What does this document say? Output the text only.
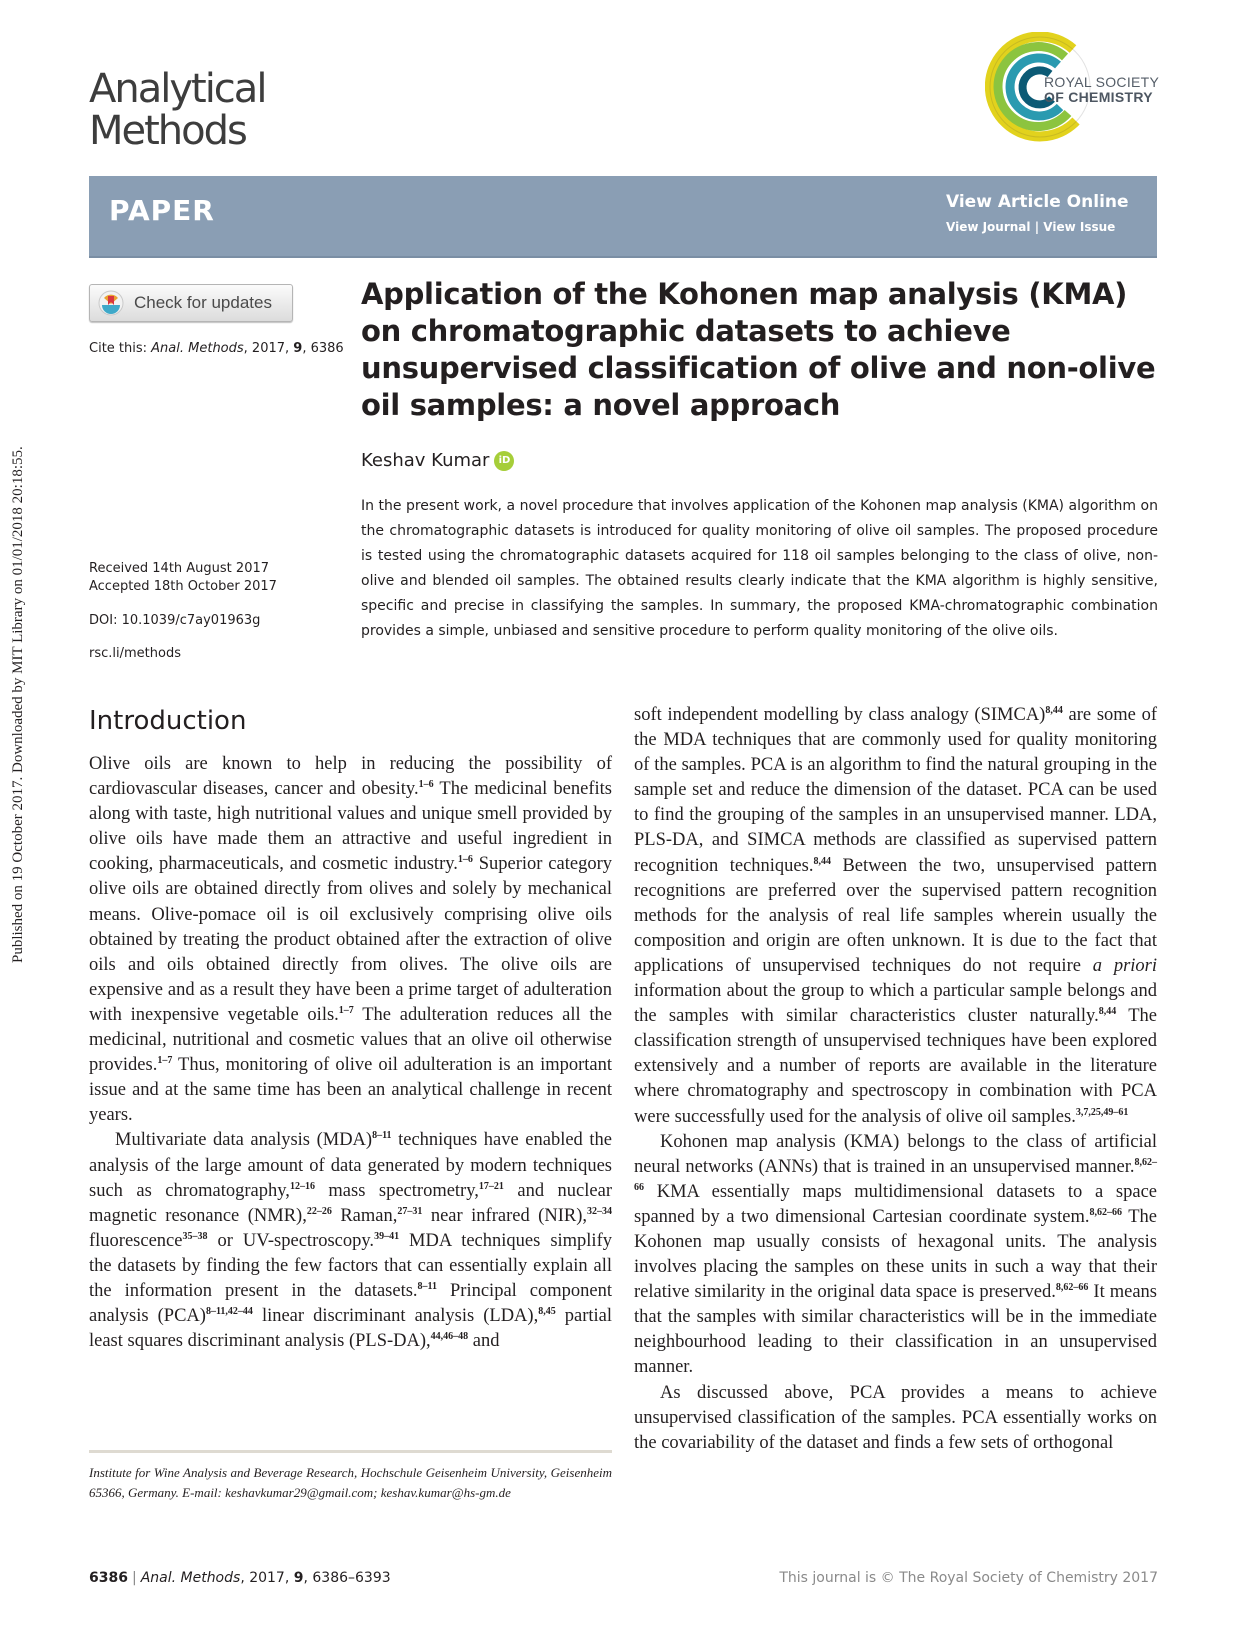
Published on 19 October 2017. Downloaded by MIT Library on 01/01/2018 20:18:55.
Analytical
Methods
ROYAL SOCIETY
OF CHEMISTRY
PAPER	View Article Online
View Journal | View Issue
Check for updates
Cite this: Anal. Methods, 2017, 9, 6386
Received 14th August 2017
Accepted 18th October 2017
DOI: 10.1039/c7ay01963g
rsc.li/methods
Application of the Kohonen map analysis (KMA) on chromatographic datasets to achieve unsupervised classification of olive and non-olive oil samples: a novel approach
Keshav Kumar iD
In the present work, a novel procedure that involves application of the Kohonen map analysis (KMA) algorithm on the chromatographic datasets is introduced for quality monitoring of olive oil samples. The proposed procedure is tested using the chromatographic datasets acquired for 118 oil samples belonging to the class of olive, non-olive and blended oil samples. The obtained results clearly indicate that the KMA algorithm is highly sensitive, specific and precise in classifying the samples. In summary, the proposed KMA-chromatographic combination provides a simple, unbiased and sensitive procedure to perform quality monitoring of the olive oils.
Introduction

Olive oils are known to help in reducing the possibility of cardiovascular diseases, cancer and obesity.$^{1-6}$ The medicinal benefits along with taste, high nutritional values and unique smell provided by olive oils have made them an attractive and useful ingredient in cooking, pharmaceuticals, and cosmetic industry.$^{1-6}$ Superior category olive oils are obtained directly from olives and solely by mechanical means. Olive-pomace oil is oil exclusively comprising olive oils obtained by treating the product obtained after the extraction of olive oils and oils obtained directly from olives. The olive oils are expensive and as a result they have been a prime target of adulteration with inexpensive vegetable oils.$^{1-7}$ The adulteration reduces all the medicinal, nutritional and cosmetic values that an olive oil otherwise provides.$^{1-7}$ Thus, monitoring of olive oil adulteration is an important issue and at the same time has been an analytical challenge in recent years.

Multivariate data analysis (MDA)$^{8-11}$ techniques have enabled the analysis of the large amount of data generated by modern techniques such as chromatography,$^{12-16}$ mass spectrometry,$^{17-21}$ and nuclear magnetic resonance (NMR),$^{22-26}$ Raman,$^{27-31}$ near infrared (NIR),$^{32-34}$ fluorescence$^{35-38}$ or UV-spectroscopy.$^{39-41}$ MDA techniques simplify the datasets by finding the few factors that can essentially explain all the information present in the datasets.$^{8-11}$ Principal component analysis (PCA)$^{8-11,42-44}$ linear discriminant analysis (LDA),$^{8,45}$ partial least squares discriminant analysis (PLS-DA),$^{44,46-48}$ and

soft independent modelling by class analogy (SIMCA)$^{8,44}$ are some of the MDA techniques that are commonly used for quality monitoring of the samples. PCA is an algorithm to find the natural grouping in the sample set and reduce the dimension of the dataset. PCA can be used to find the grouping of the samples in an unsupervised manner. LDA, PLS-DA, and SIMCA methods are classified as supervised pattern recognition techniques.$^{8,44}$ Between the two, unsupervised pattern recognitions are preferred over the supervised pattern recognition methods for the analysis of real life samples wherein usually the composition and origin are often unknown. It is due to the fact that applications of unsupervised techniques do not require a priori information about the group to which a particular sample belongs and the samples with similar characteristics cluster naturally.$^{8,44}$ The classification strength of unsupervised techniques have been explored extensively and a number of reports are available in the literature where chromatography and spectroscopy in combination with PCA were successfully used for the analysis of olive oil samples.$^{3,7,25,49-61}$

Kohonen map analysis (KMA) belongs to the class of artificial neural networks (ANNs) that is trained in an unsupervised manner.$^{8,62-66}$ KMA essentially maps multidimensional datasets to a space spanned by a two dimensional Cartesian coordinate system.$^{8,62-66}$ The Kohonen map usually consists of hexagonal units. The analysis involves placing the samples on these units in such a way that their relative similarity in the original data space is preserved.$^{8,62-66}$ It means that the samples with similar characteristics will be in the immediate neighbourhood leading to their classification in an unsupervised manner.

As discussed above, PCA provides a means to achieve unsupervised classification of the samples. PCA essentially works on the covariability of the dataset and finds a few sets of orthogonal

Institute for Wine Analysis and Beverage Research, Hochschule Geisenheim University, Geisenheim 65366, Germany. E-mail: keshavkumar29@gmail.com; keshav.kumar@hs-gm.de
6386 | Anal. Methods, 2017, 9, 6386–6393	This journal is © The Royal Society of Chemistry 2017
